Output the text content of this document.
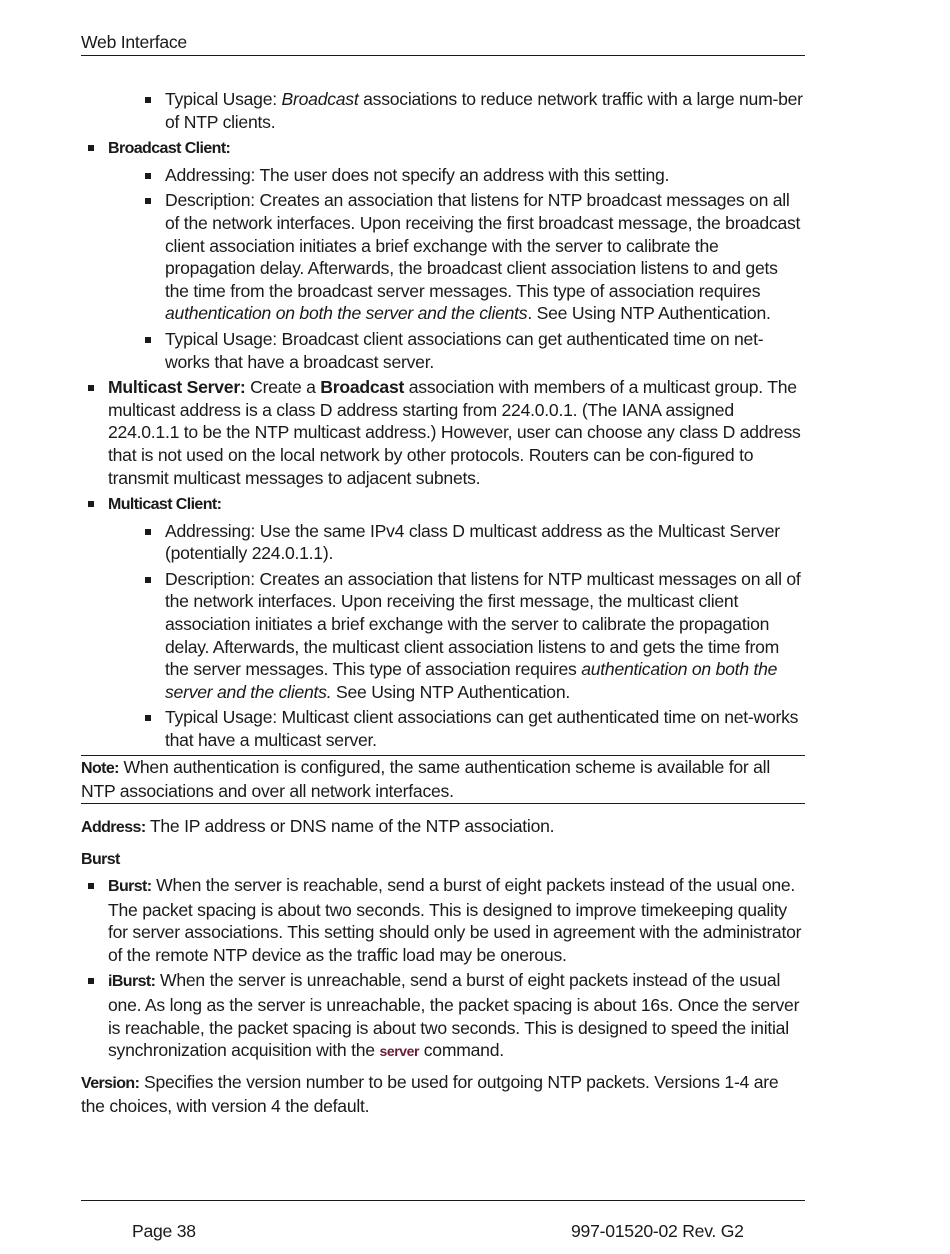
Web Interface
Typical Usage: Broadcast associations to reduce network traffic with a large num-ber of NTP clients.
Broadcast Client:
Addressing: The user does not specify an address with this setting.
Description: Creates an association that listens for NTP broadcast messages on all of the network interfaces. Upon receiving the first broadcast message, the broadcast client association initiates a brief exchange with the server to calibrate the propagation delay. Afterwards, the broadcast client association listens to and gets the time from the broadcast server messages. This type of association requires authentication on both the server and the clients. See Using NTP Authentication.
Typical Usage: Broadcast client associations can get authenticated time on net-works that have a broadcast server.
Multicast Server: Create a Broadcast association with members of a multicast group. The multicast address is a class D address starting from 224.0.0.1. (The IANA assigned 224.0.1.1 to be the NTP multicast address.) However, user can choose any class D address that is not used on the local network by other protocols. Routers can be con-figured to transmit multicast messages to adjacent subnets.
Multicast Client:
Addressing: Use the same IPv4 class D multicast address as the Multicast Server (potentially 224.0.1.1).
Description: Creates an association that listens for NTP multicast messages on all of the network interfaces. Upon receiving the first message, the multicast client association initiates a brief exchange with the server to calibrate the propagation delay. Afterwards, the multicast client association listens to and gets the time from the server messages. This type of association requires authentication on both the server and the clients. See Using NTP Authentication.
Typical Usage: Multicast client associations can get authenticated time on net-works that have a multicast server.
Note: When authentication is configured, the same authentication scheme is available for all NTP associations and over all network interfaces.

Address: The IP address or DNS name of the NTP association.

Burst

Burst: When the server is reachable, send a burst of eight packets instead of the usual one. The packet spacing is about two seconds. This is designed to improve timekeeping quality for server associations. This setting should only be used in agreement with the administrator of the remote NTP device as the traffic load may be onerous.
iBurst: When the server is unreachable, send a burst of eight packets instead of the usual one. As long as the server is unreachable, the packet spacing is about 16s. Once the server is reachable, the packet spacing is about two seconds. This is designed to speed the initial synchronization acquisition with the server command.

Version: Specifies the version number to be used for outgoing NTP packets. Versions 1-4 are the choices, with version 4 the default.

Page 38	997-01520-02 Rev. G2
